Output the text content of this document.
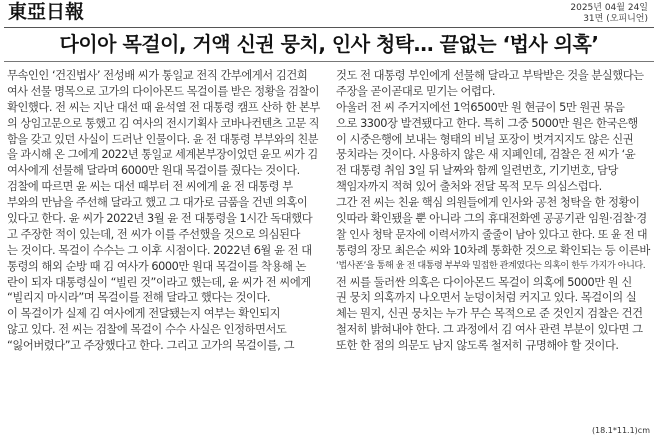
東亞日報	2025년 04월 24일
31면 (오피니언)
다이아 목걸이, 거액 신권 뭉치, 인사 청탁… 끝없는 ‘법사 의혹’
무속인인 ‘건진법사’ 전성배 씨가 통일교 전직 간부에게서 김건희
여사 선물 명목으로 고가의 다이아몬드 목걸이를 받은 정황을 검찰이
확인했다. 전 씨는 지난 대선 때 윤석열 전 대통령 캠프 산하 한 본부
의 상임고문으로 통했고 김 여사의 전시기획사 코바나컨텐츠 고문 직
함을 갖고 있던 사실이 드러난 인물이다. 윤 전 대통령 부부와의 친분
을 과시해 온 그에게 2022년 통일교 세계본부장이었던 윤모 씨가 김
여사에게 선물해 달라며 6000만 원대 목걸이를 줬다는 것이다.
검찰에 따르면 윤 씨는 대선 때부터 전 씨에게 윤 전 대통령 부
부와의 만남을 주선해 달라고 했고 그 대가로 금품을 건넨 의혹이
있다고 한다. 윤 씨가 2022년 3월 윤 전 대통령을 1시간 독대했다
고 주장한 적이 있는데, 전 씨가 이를 주선했을 것으로 의심된다
는 것이다. 목걸이 수수는 그 이후 시점이다. 2022년 6월 윤 전 대
통령의 해외 순방 때 김 여사가 6000만 원대 목걸이를 착용해 논
란이 되자 대통령실이 “빌린 것”이라고 했는데, 윤 씨가 전 씨에게
“빌리지 마시라”며 목걸이를 전해 달라고 했다는 것이다.
이 목걸이가 실제 김 여사에게 전달됐는지 여부는 확인되지
않고 있다. 전 씨는 검찰에 목걸이 수수 사실은 인정하면서도
“잃어버렸다”고 주장했다고 한다. 그리고 고가의 목걸이를, 그
것도 전 대통령 부인에게 선물해 달라고 부탁받은 것을 분실했다는
주장을 곧이곧대로 믿기는 어렵다.
아울러 전 씨 주거지에선 1억6500만 원 현금이 5만 원권 묶음
으로 3300장 발견됐다고 한다. 특히 그중 5000만 원은 한국은행
이 시중은행에 보내는 형태의 비닐 포장이 벗겨지지도 않은 신권
뭉치라는 것이다. 사용하지 않은 새 지폐인데, 검찰은 전 씨가 ‘윤
전 대통령 취임 3일 뒤 날짜와 함께 일련번호, 기기번호, 담당
책임자까지 적혀 있어 출처와 전달 목적 모두 의심스럽다.
그간 전 씨는 친윤 핵심 의원들에게 인사와 공천 청탁을 한 정황이
잇따라 확인됐을 뿐 아니라 그의 휴대전화엔 공공기관 임원·검찰·경
찰 인사 청탁 문자에 이력서까지 줄줄이 남아 있다고 한다. 또 윤 전 대
통령의 장모 최은순 씨와 10차례 통화한 것으로 확인되는 등 이른바
‘법사폰’을 통해 윤 전 대통령 부부와 밀접한 관계였다는 의혹이 한두 가지가 아니다.
전 씨를 둘러싼 의혹은 다이아몬드 목걸이 의혹에 5000만 원 신
권 뭉치 의혹까지 나오면서 눈덩이처럼 커지고 있다. 목걸이의 실
체는 뭔지, 신권 뭉치는 누가 무슨 목적으로 준 것인지 검찰은 건건
철저히 밝혀내야 한다. 그 과정에서 김 여사 관련 부분이 있다면 그
또한 한 점의 의문도 남지 않도록 철저히 규명해야 할 것이다.
(18.1*11.1)cm
